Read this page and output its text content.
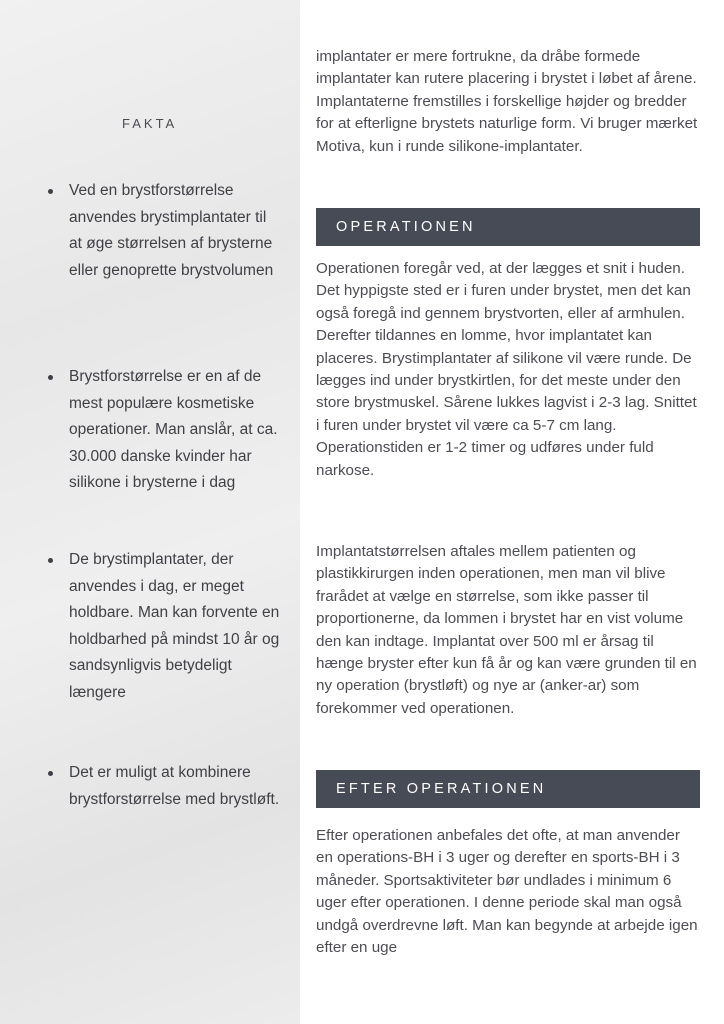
FAKTA
Ved en brystforstørrelse anvendes brystimplantater til at øge størrelsen af brysterne eller genoprette brystvolumen
Brystforstørrelse er en af de mest populære kosmetiske operationer. Man anslår, at ca. 30.000 danske kvinder har silikone i brysterne i dag
De brystimplantater, der anvendes i dag, er meget holdbare. Man kan forvente en holdbarhed på mindst 10 år og sandsynligvis betydeligt længere
Det er muligt at kombinere brystforstørrelse med brystløft.
implantater er mere fortrukne, da dråbe formede implantater kan rutere placering i brystet i løbet af årene. Implantaterne fremstilles i forskellige højder og bredder for at efterligne brystets naturlige form. Vi bruger mærket Motiva, kun i runde silikone-implantater.
OPERATIONEN
Operationen foregår ved, at der lægges et snit i huden. Det hyppigste sted er i furen under brystet, men det kan også foregå ind gennem brystvorten, eller af armhulen. Derefter tildannes en lomme, hvor implantatet kan placeres. Brystimplantater af silikone vil være runde. De lægges ind under brystkirtlen, for det meste under den store brystmuskel. Sårene lukkes lagvist i 2-3 lag. Snittet i furen under brystet vil være ca 5-7 cm lang. Operationstiden er 1-2 timer og udføres under fuld narkose.
Implantatstørrelsen aftales mellem patienten og plastikkirurgen inden operationen, men man vil blive frarådet at vælge en størrelse, som ikke passer til proportionerne, da lommen i brystet har en vist volume den kan indtage. Implantat over 500 ml er årsag til hænge bryster efter kun få år og kan være grunden til en ny operation (brystløft) og nye ar (anker-ar) som forekommer ved operationen.
EFTER OPERATIONEN
Efter operationen anbefales det ofte, at man anvender en operations-BH i 3 uger og derefter en sports-BH i 3 måneder. Sportsaktiviteter bør undlades i minimum 6 uger efter operationen. I denne periode skal man også undgå overdrevne løft. Man kan begynde at arbejde igen efter en uge
